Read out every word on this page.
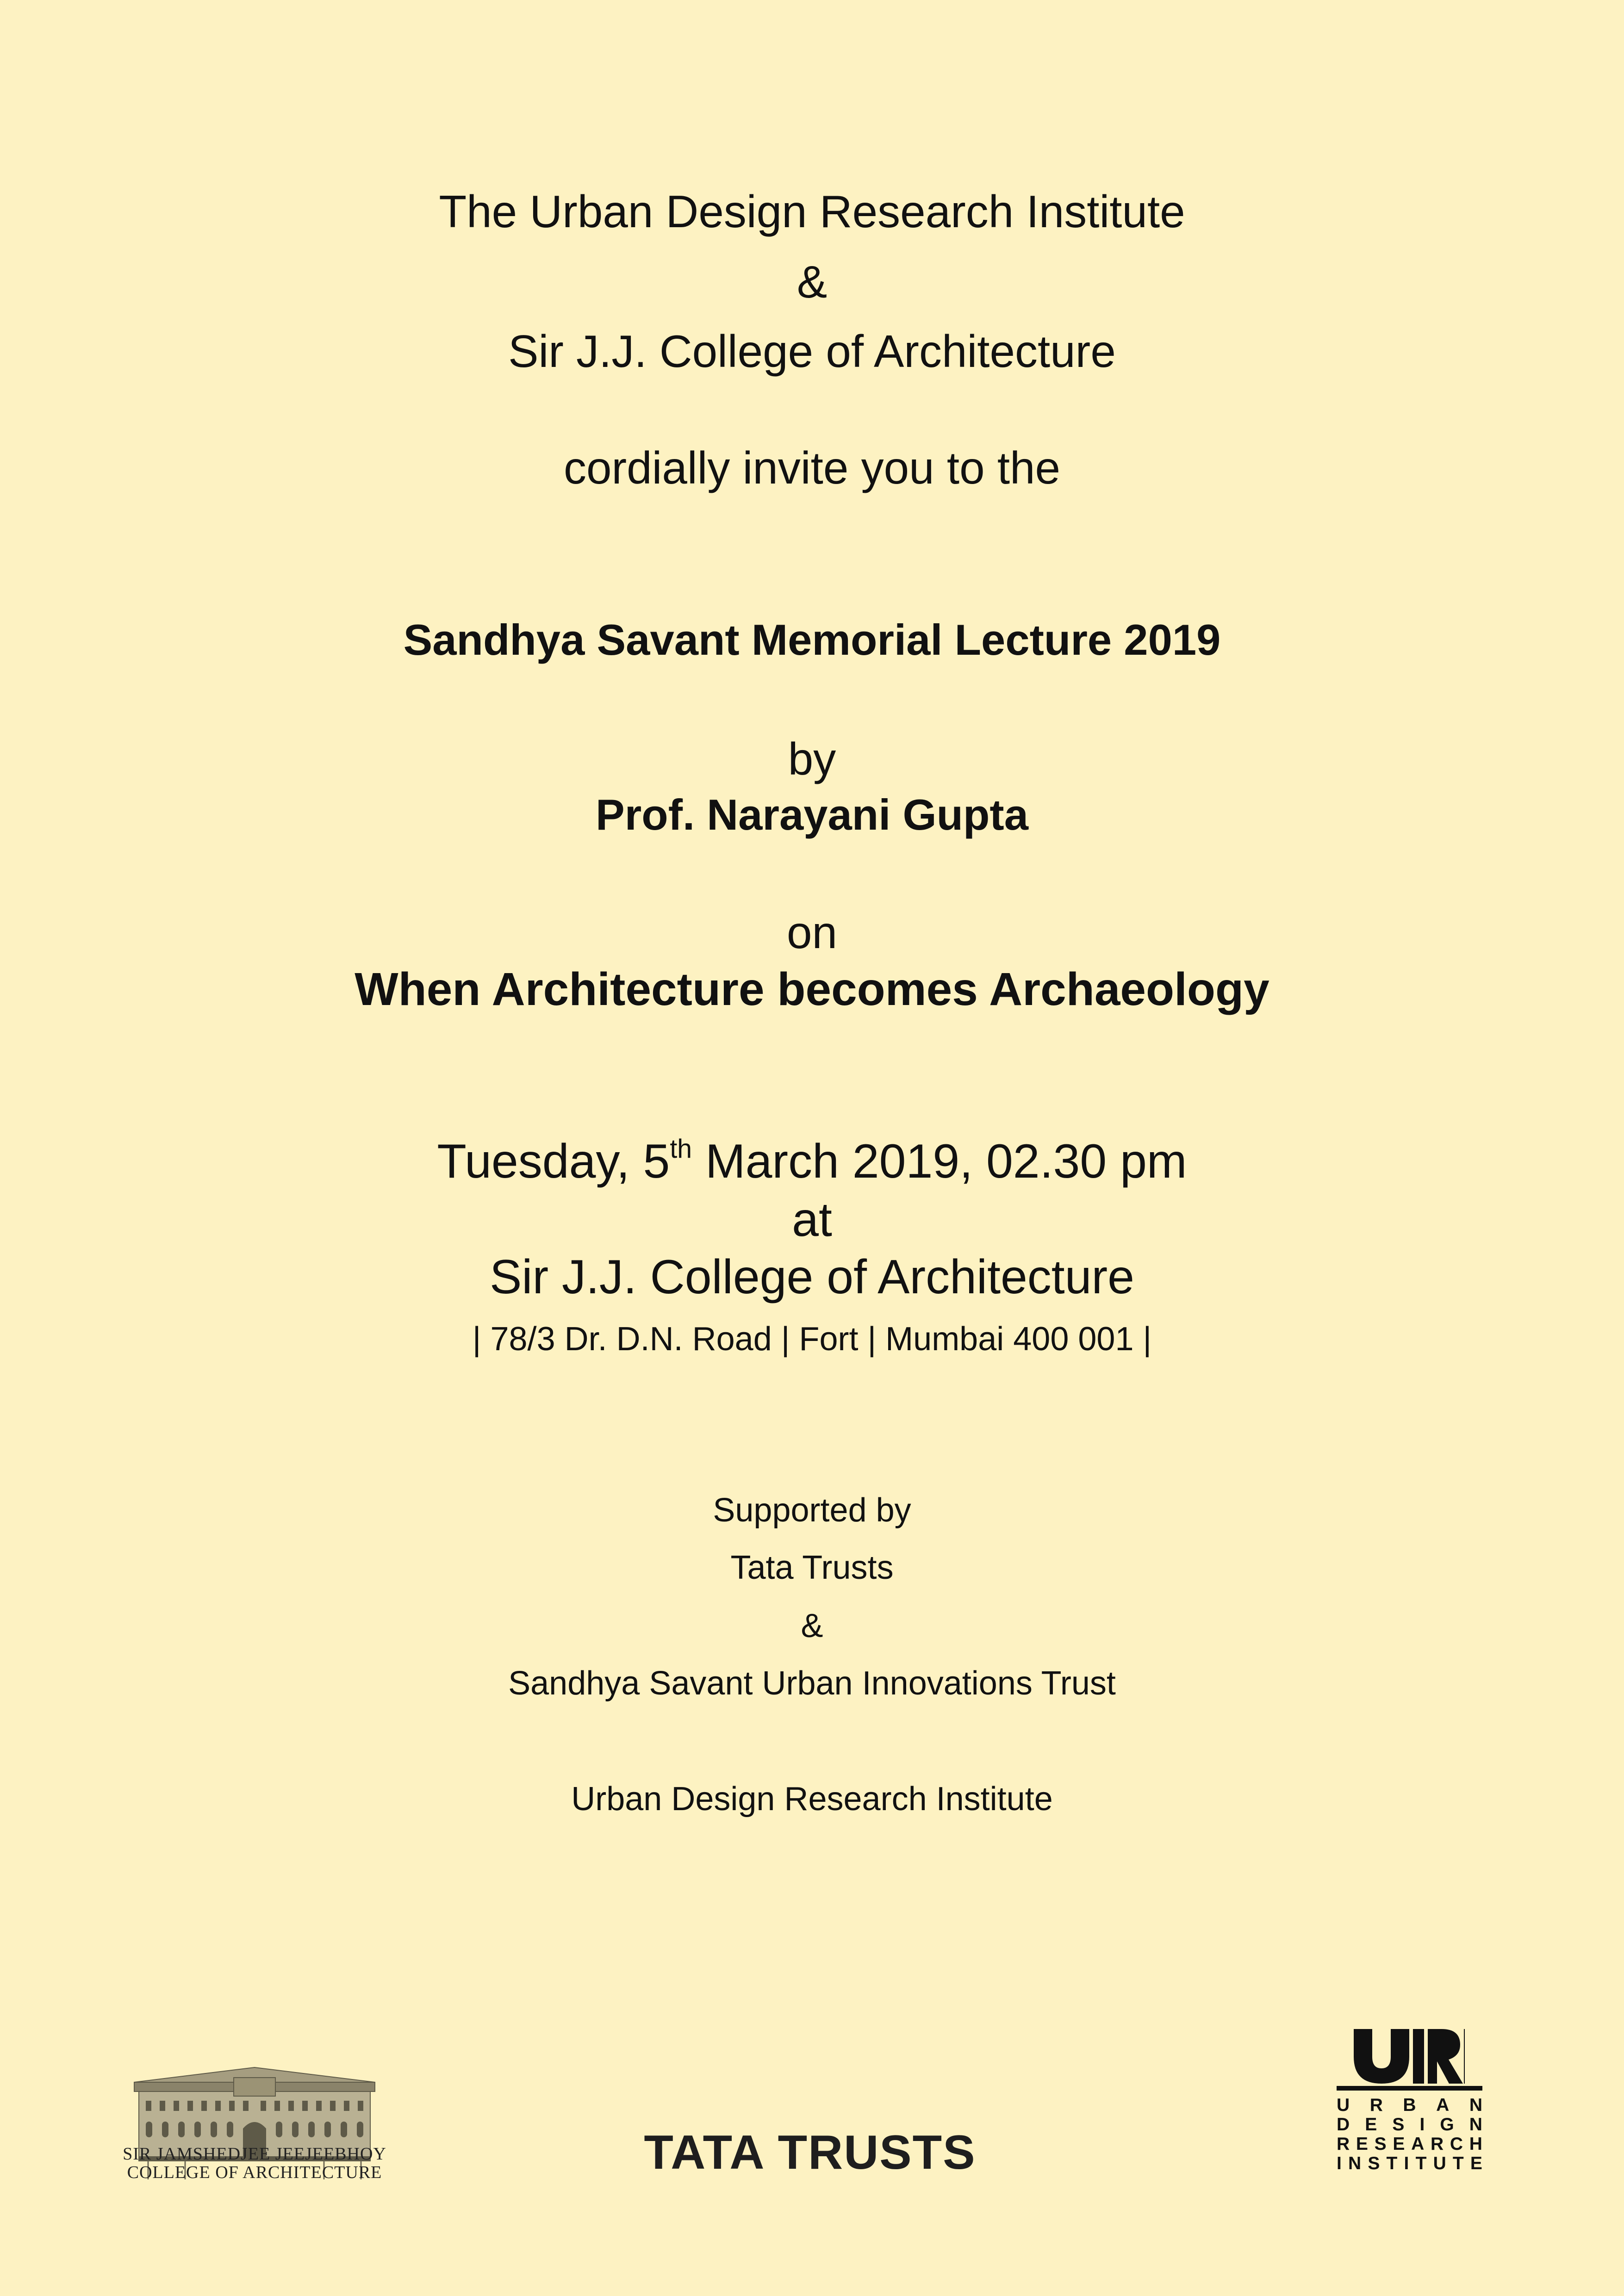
The Urban Design Research Institute
&
Sir J.J. College of Architecture
cordially invite you to the
Sandhya Savant Memorial Lecture 2019
by
Prof. Narayani Gupta
on
When Architecture becomes Archaeology
Tuesday, 5th March 2019, 02.30 pm
at
Sir J.J. College of Architecture
| 78/3 Dr. D.N. Road | Fort | Mumbai 400 001 |
Supported by
Tata Trusts
&
Sandhya Savant Urban Innovations Trust
Urban Design Research Institute
SIR JAMSHEDJEE JEEJEEBHOY
COLLEGE OF ARCHITECTURE	TATA TRUSTS
U R B A N
D E S I G N
R E S E A R C H
I N S T I T U T E
